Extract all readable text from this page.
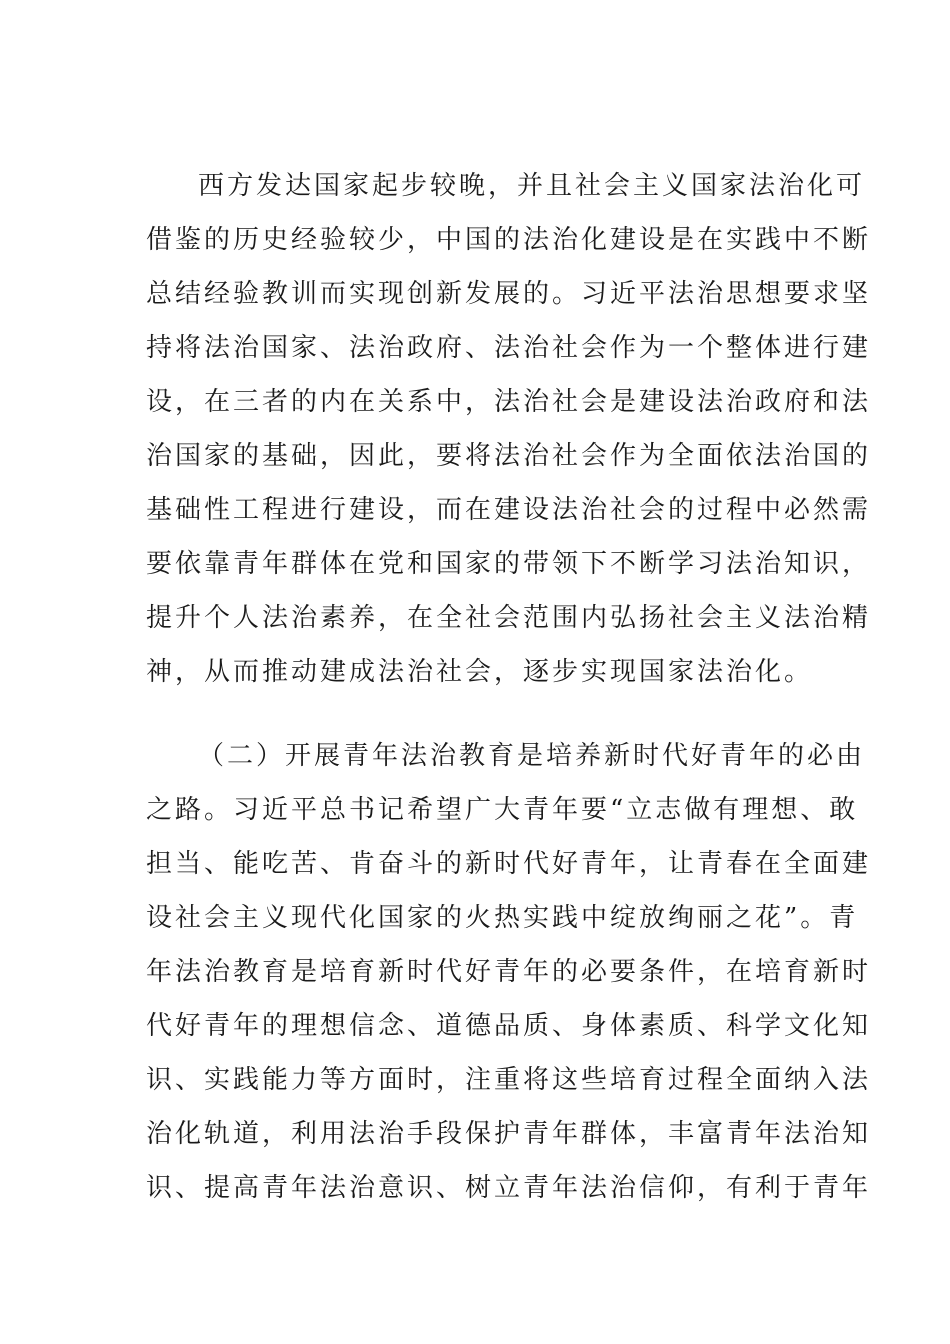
西方发达国家起步较晚，并且社会主义国家法治化可
借鉴的历史经验较少，中国的法治化建设是在实践中不断
总结经验教训而实现创新发展的。习近平法治思想要求坚
持将法治国家、法治政府、法治社会作为一个整体进行建
设，在三者的内在关系中，法治社会是建设法治政府和法
治国家的基础，因此，要将法治社会作为全面依法治国的
基础性工程进行建设，而在建设法治社会的过程中必然需
要依靠青年群体在党和国家的带领下不断学习法治知识，
提升个人法治素养，在全社会范围内弘扬社会主义法治精
神，从而推动建成法治社会，逐步实现国家法治化。
（二）开展青年法治教育是培养新时代好青年的必由
之路。习近平总书记希望广大青年要“立志做有理想、敢
担当、能吃苦、肯奋斗的新时代好青年，让青春在全面建
设社会主义现代化国家的火热实践中绽放绚丽之花”。青
年法治教育是培育新时代好青年的必要条件，在培育新时
代好青年的理想信念、道德品质、身体素质、科学文化知
识、实践能力等方面时，注重将这些培育过程全面纳入法
治化轨道，利用法治手段保护青年群体，丰富青年法治知
识、提高青年法治意识、树立青年法治信仰，有利于青年
